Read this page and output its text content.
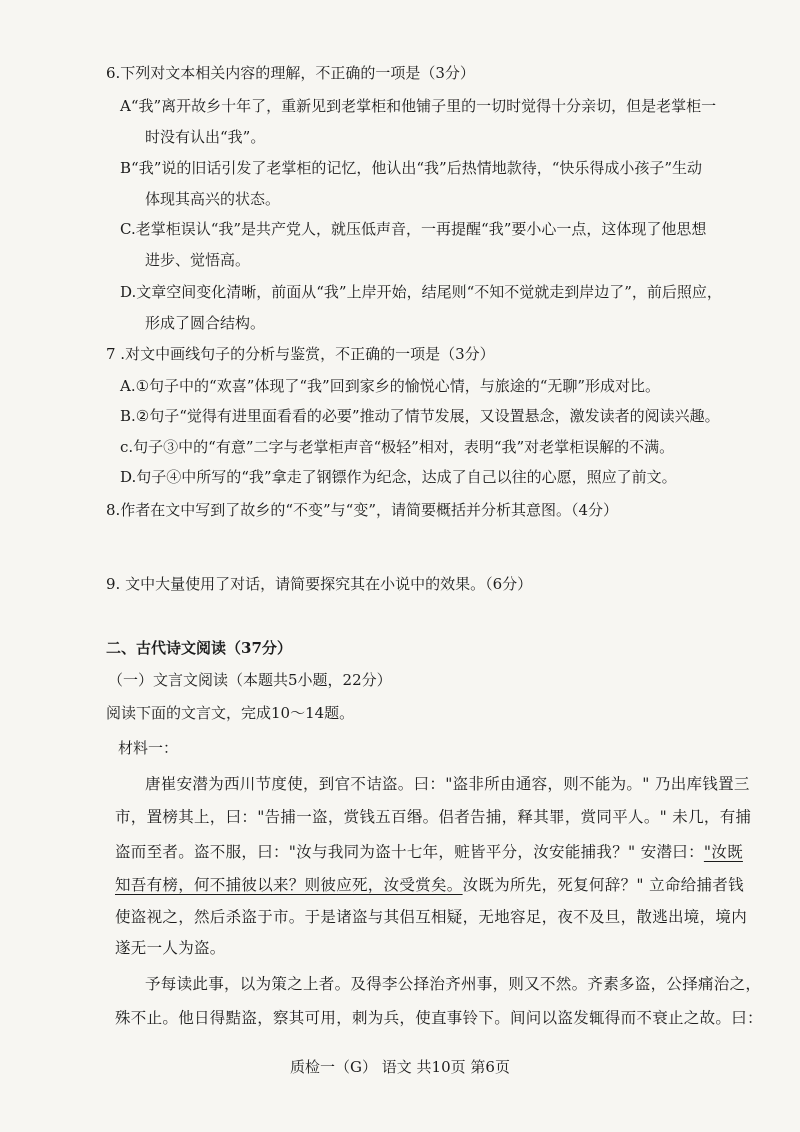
6.下列对文本相关内容的理解，不正确的一项是（3分）
A“我”离开故乡十年了，重新见到老掌柜和他铺子里的一切时觉得十分亲切，但是老掌柜一
时没有认出“我”。
B“我”说的旧话引发了老掌柜的记忆，他认出“我”后热情地款待，“快乐得成小孩子”生动
体现其高兴的状态。
C.老掌柜误认“我”是共产党人，就压低声音，一再提醒“我”要小心一点，这体现了他思想
进步、觉悟高。
D.文章空间变化清晰，前面从“我”上岸开始，结尾则“不知不觉就走到岸边了”，前后照应，
形成了圆合结构。
7 .对文中画线句子的分析与鉴赏，不正确的一项是（3分）
A.①句子中的“欢喜”体现了“我”回到家乡的愉悦心情，与旅途的“无聊”形成对比。
B.②句子“觉得有进里面看看的必要”推动了情节发展，又设置悬念，激发读者的阅读兴趣。
c.句子③中的“有意”二字与老掌柜声音“极轻”相对，表明“我”对老掌柜误解的不满。
D.句子④中所写的“我”拿走了钢镖作为纪念，达成了自己以往的心愿，照应了前文。
8.作者在文中写到了故乡的“不变”与“变”，请简要概括并分析其意图。（4分）
9. 文中大量使用了对话，请简要探究其在小说中的效果。（6分）
二、古代诗文阅读（37分）
（一）文言文阅读（本题共5小题，22分）
阅读下面的文言文，完成10～14题。
材料一：
唐崔安潜为西川节度使，到官不诘盗。曰："盗非所由通容，则不能为。" 乃出库钱置三
市，置榜其上，曰："告捕一盗，赏钱五百缗。侣者告捕，释其罪，赏同平人。" 未几，有捕
盗而至者。盗不服，曰："汝与我同为盗十七年，赃皆平分，汝安能捕我？" 安潜曰："汝既
知吾有榜，何不捕彼以来？则彼应死，汝受赏矣。汝既为所先，死复何辞？" 立命给捕者钱
使盗视之，然后杀盗于市。于是诸盗与其侣互相疑，无地容足，夜不及旦，散逃出境，境内
遂无一人为盗。
予每读此事，以为策之上者。及得李公择治齐州事，则又不然。齐素多盗，公择痛治之，
殊不止。他日得黠盗，察其可用，刺为兵，使直事铃下。间问以盗发辄得而不衰止之故。曰：
质检一（G） 语文 共10页 第6页
